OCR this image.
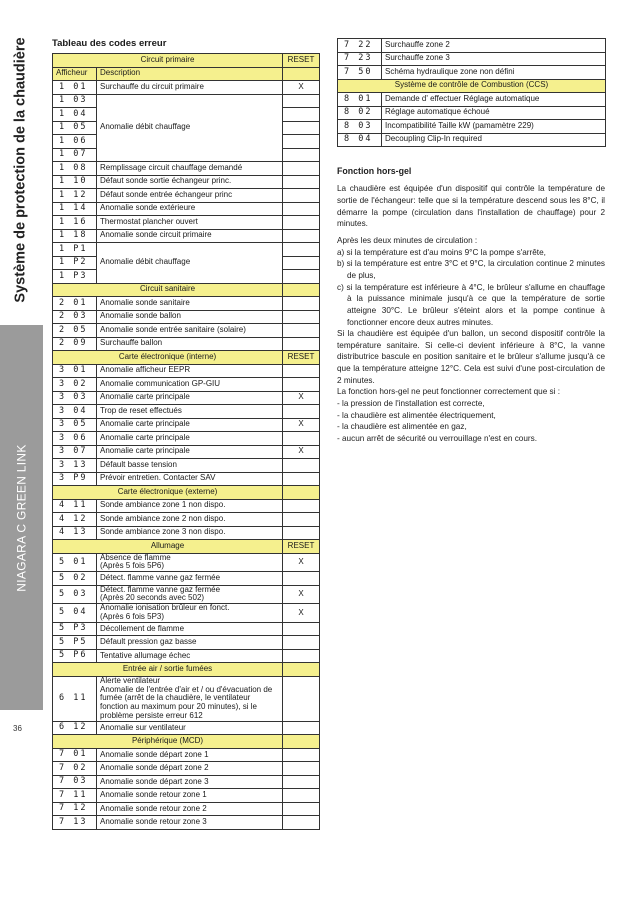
Système de protection de la chaudière
NIAGARA C GREEN LINK
36
Tableau des codes erreur
Circuit primaire		RESET
Afficheur	Description	
1 01	Surchauffe du circuit primaire	X
1 03	Anomalie débit chauffage	
1 04		
1 05		
1 06		
1 07		
1 08	Remplissage circuit chauffage demandé	
1 10	Défaut sonde sortie échangeur princ.	
1 12	Défaut sonde entrée échangeur princ	
1 14	Anomalie sonde extérieure	
1 16	Thermostat plancher ouvert	
1 18	Anomalie sonde circuit primaire	
1 P1	Anomalie débit chauffage	
1 P2		
1 P3		
Circuit sanitaire		
2 01	Anomalie sonde sanitaire	
2 03	Anomalie sonde ballon	
2 05	Anomalie sonde entrée sanitaire (solaire)	
2 09	Surchauffe ballon	
Carte électronique (interne)		RESET
3 01	Anomalie afficheur EEPR	
3 02	Anomalie communication GP-GIU	
3 03	Anomalie carte principale	X
3 04	Trop de reset effectués	
3 05	Anomalie carte principale	X
3 06	Anomalie carte principale	
3 07	Anomalie carte principale	X
3 13	Défault basse tension	
3 P9	Prévoir entretien. Contacter SAV	
Carte électronique (externe)		
4 11	Sonde ambiance zone 1 non dispo.	
4 12	Sonde ambiance zone 2 non dispo.	
4 13	Sonde ambiance zone 3 non dispo.	
Allumage		RESET
5 01	Absence de flamme
(Après 5 fois 5P6)	X
5 02	Détect. flamme vanne gaz fermée	
5 03	Détect. flamme vanne gaz fermée
(Après 20 seconds avec 502)	X
5 04	Anomalie ionisation brûleur en fonct.
(Après 6 fois 5P3)	X
5 P3	Décollement de flamme	
5 P5	Défault pression gaz basse	
5 P6	Tentative allumage échec	
Entrée air / sortie fumées		
6 11	Alerte ventilateur
Anomalie de l'entrée d'air et / ou d'évacuation de fumée (arrêt de la chaudière, le ventilateur fonction au maximum pour 20 minutes), si le problème persiste erreur 612	
6 12	Anomalie sur ventilateur	
Périphérique (MCD)		
7 01	Anomalie sonde départ zone 1	
7 02	Anomalie sonde départ zone 2	
7 03	Anomalie sonde départ zone 3	
7 11	Anomalie sonde retour zone 1	
7 12	Anomalie sonde retour zone 2	
7 13	Anomalie sonde retour zone 3	
7 22	Surchauffe zone 2
7 23	Surchauffe zone 3
7 50	Schéma hydraulique zone non défini
Système de contrôle de Combustion (CCS)	
8 01	Demande d' effectuer Réglage automatique
8 02	Réglage automatique échoué
8 03	Incompatibilité Taille kW (pamamètre 229)
8 04	Decoupling Clip-In required
Fonction hors-gel

La chaudière est équipée d'un dispositif qui contrôle la température de sortie de l'échangeur: telle que si la température descend sous les 8°C, il démarre la pompe (circulation dans l'installation de chauffage) pour 2 minutes.

Après les deux minutes de circulation :

a) si la température est d'au moins 9°C la pompe s'arrête,
b) si la température est entre 3°C et 9°C, la circulation continue 2 minutes de plus,
c) si la température est inférieure à 4°C, le brûleur s'allume en chauffage à la puissance minimale jusqu'à ce que la température de sortie atteigne 30°C. Le brûleur s'éteint alors et la pompe continue à fonctionner encore deux autres minutes.

Si la chaudière est équipée d'un ballon, un second dispositif contrôle la température sanitaire. Si celle-ci devient inférieure à 8°C, la vanne distributrice bascule en position sanitaire et le brûleur s'allume jusqu'à ce que la température atteigne 12°C. Cela est suivi d'une post-circulation de 2 minutes.

La fonction hors-gel ne peut fonctionner correctement que si :

- la pression de l'installation est correcte,
- la chaudière est alimentée électriquement,
- la chaudière est alimentée en gaz,
- aucun arrêt de sécurité ou verrouillage n'est en cours.
